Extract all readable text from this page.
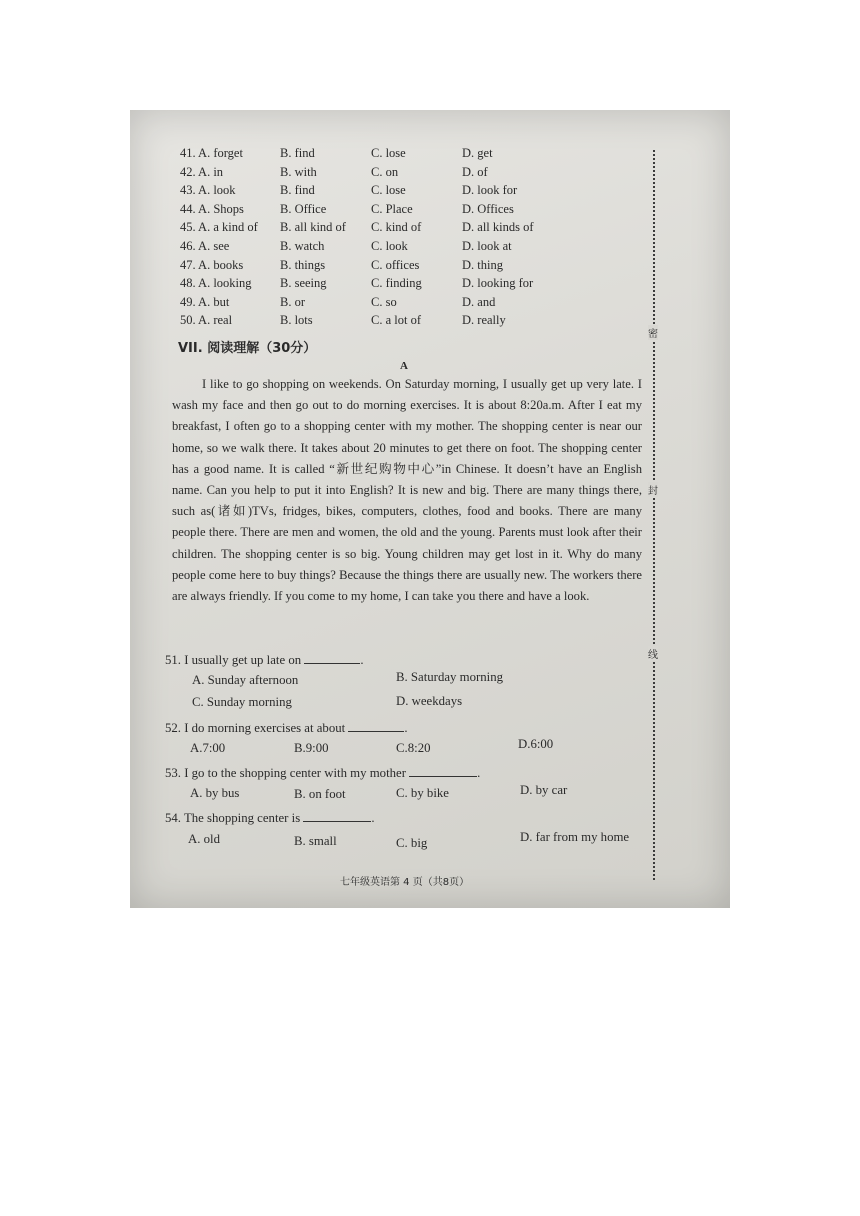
41. A. forget	B. find	C. lose	D. get
42. A. in	B. with	C. on	D. of
43. A. look	B. find	C. lose	D. look for
44. A. Shops	B. Office	C. Place	D. Offices
45. A. a kind of B. all kind of C. kind of	D. all kinds of
46. A. see	B. watch	C. look	D. look at
47. A. books	B. things	C. offices	D. thing
48. A. looking B. seeing	C. finding	D. looking for
49. A. but	B. or	C. so	D. and
50. A. real	B. lots	C. a lot of	D. really
VII. 阅读理解（30分）
A

I like to go shopping on weekends. On Saturday morning, I usually get up very late. I wash my face and then go out to do morning exercises. It is about 8:20a.m. After I eat my breakfast, I often go to a shopping center with my mother. The shopping center is near our home, so we walk there. It takes about 20 minutes to get there on foot. The shopping center has a good name. It is called “新世纪购物中心”in Chinese. It doesn’t have an English name. Can you help to put it into English? It is new and big. There are many things there, such as(诸如)TVs, fridges, bikes, computers, clothes, food and books. There are many people there. There are men and women, the old and the young. Parents must look after their children. The shopping center is so big. Young children may get lost in it. Why do many people come here to buy things? Because the things there are usually new. The workers there are always friendly. If you come to my home, I can take you there and have a look.

51. I usually get up late on	.
A. Sunday afternoon	B. Saturday morning
C. Sunday morning	D. weekdays
52. I do morning exercises at about	.
A.7:00	B.9:00	C.8:20	D.6:00
53. I go to the shopping center with my mother	.
A. by bus	B. on foot	C. by bike	D. by car
54. The shopping center is	.
A. old	B. small	C. big	D. far from my home
七年级英语第 4 页（共8页）
密
封
线
